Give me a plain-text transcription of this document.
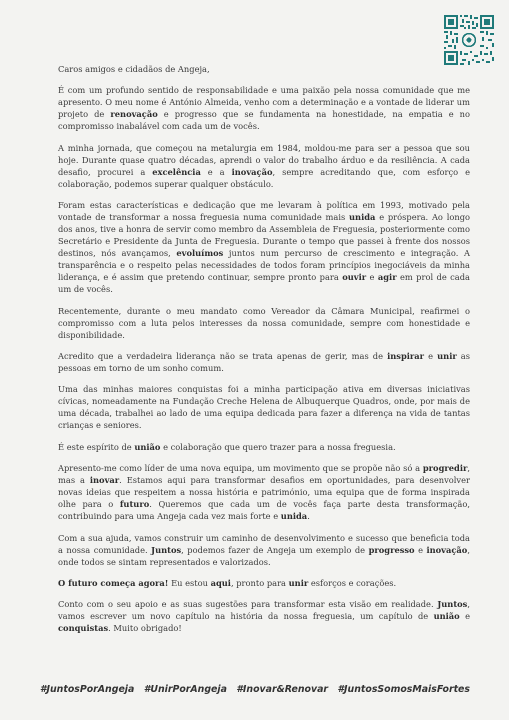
Caros amigos e cidadãos de Angeja,

É com um profundo sentido de responsabilidade e uma paixão pela nossa comunidade que me apresento. O meu nome é António Almeida, venho com a determinação e a vontade de liderar um projeto de renovação e progresso que se fundamenta na honestidade, na empatia e no compromisso inabalável com cada um de vocês.

A minha jornada, que começou na metalurgia em 1984, moldou-me para ser a pessoa que sou hoje. Durante quase quatro décadas, aprendi o valor do trabalho árduo e da resiliência. A cada desafio, procurei a excelência e a inovação, sempre acreditando que, com esforço e colaboração, podemos superar qualquer obstáculo.

Foram estas características e dedicação que me levaram à política em 1993, motivado pela vontade de transformar a nossa freguesia numa comunidade mais unida e próspera. Ao longo dos anos, tive a honra de servir como membro da Assembleia de Freguesia, posteriormente como Secretário e Presidente da Junta de Freguesia. Durante o tempo que passei à frente dos nossos destinos, nós avançamos, evoluímos juntos num percurso de crescimento e integração. A transparência e o respeito pelas necessidades de todos foram princípios inegociáveis da minha liderança, e é assim que pretendo continuar, sempre pronto para ouvir e agir em prol de cada um de vocês.

Recentemente, durante o meu mandato como Vereador da Câmara Municipal, reafirmei o compromisso com a luta pelos interesses da nossa comunidade, sempre com honestidade e disponibilidade.

Acredito que a verdadeira liderança não se trata apenas de gerir, mas de inspirar e unir as pessoas em torno de um sonho comum.

Uma das minhas maiores conquistas foi a minha participação ativa em diversas iniciativas cívicas, nomeadamente na Fundação Creche Helena de Albuquerque Quadros, onde, por mais de uma década, trabalhei ao lado de uma equipa dedicada para fazer a diferença na vida de tantas crianças e seniores.

É este espírito de união e colaboração que quero trazer para a nossa freguesia.

Apresento-me como líder de uma nova equipa, um movimento que se propõe não só a progredir, mas a inovar. Estamos aqui para transformar desafios em oportunidades, para desenvolver novas ideias que respeitem a nossa história e património, uma equipa que de forma inspirada olhe para o futuro. Queremos que cada um de vocês faça parte desta transformação, contribuindo para uma Angeja cada vez mais forte e unida.

Com a sua ajuda, vamos construir um caminho de desenvolvimento e sucesso que beneficia toda a nossa comunidade. Juntos, podemos fazer de Angeja um exemplo de progresso e inovação, onde todos se sintam representados e valorizados.

O futuro começa agora! Eu estou aqui, pronto para unir esforços e corações.

Conto com o seu apoio e as suas sugestões para transformar esta visão em realidade. Juntos, vamos escrever um novo capítulo na história da nossa freguesia, um capítulo de união e conquistas. Muito obrigado!

#JuntosPorAngeja #UnirPorAngeja #Inovar&Renovar #JuntosSomosMaisFortes
